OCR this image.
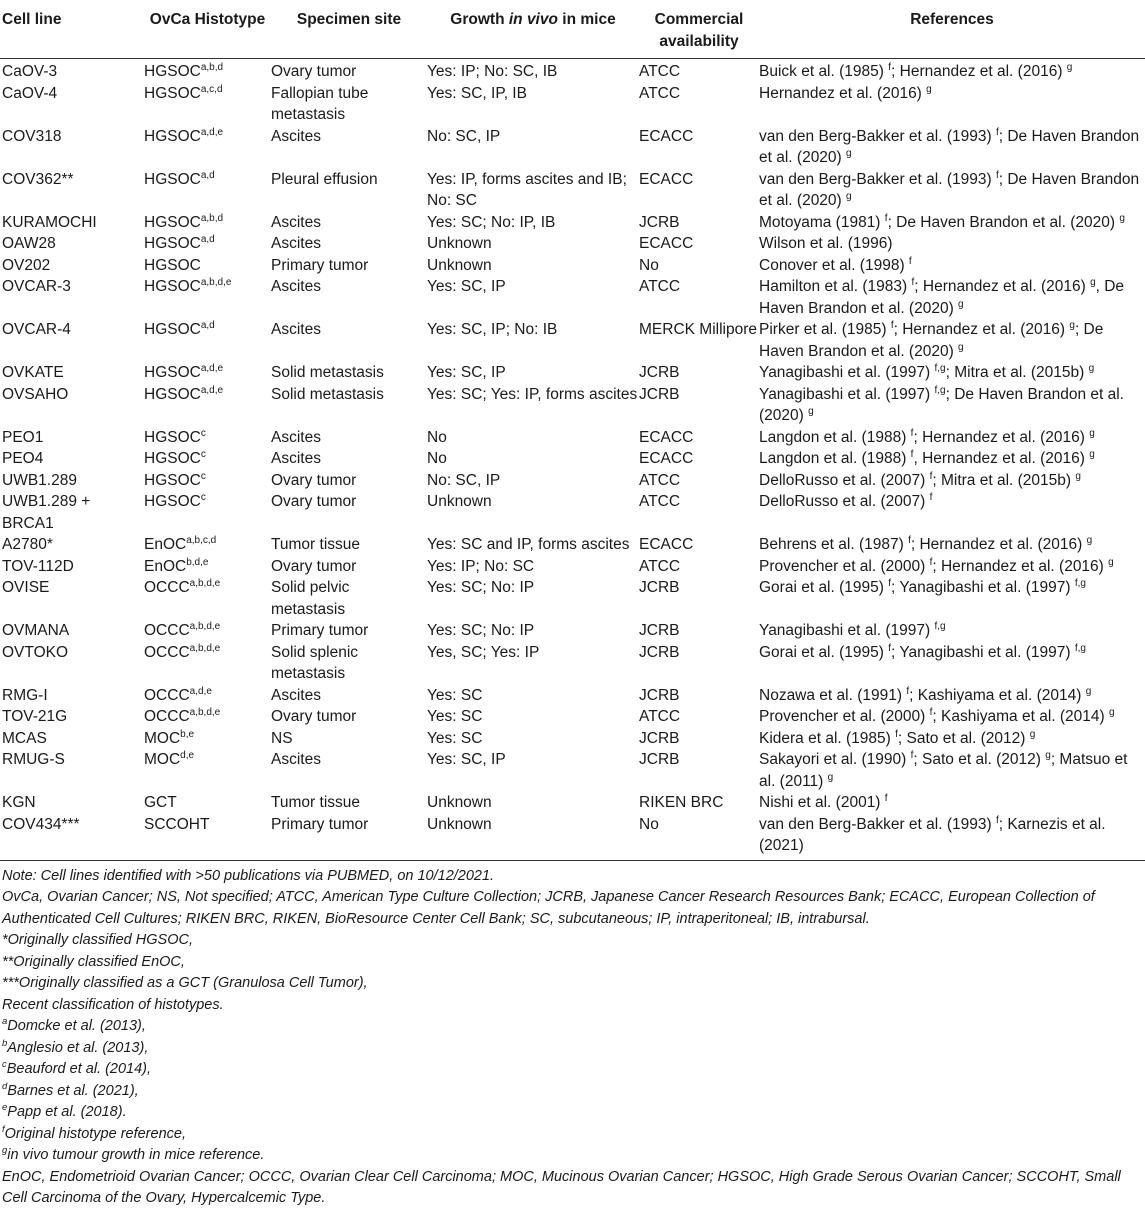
Cell line	OvCa Histotype	Specimen site	Growth in vivo in mice	Commercial availability	References
CaOV-3	HGSOC$^{a,b,d}$	Ovary tumor	Yes: IP; No: SC, IB	ATCC	Buick et al. (1985) $^f$; Hernandez et al. (2016) $^g$
CaOV-4	HGSOC$^{a,c,d}$	Fallopian tube metastasis	Yes: SC, IP, IB	ATCC	Hernandez et al. (2016) $^g$
COV318	HGSOC$^{a,d,e}$	Ascites	No: SC, IP	ECACC	van den Berg-Bakker et al. (1993) $^f$; De Haven Brandon et al. (2020) $^g$
COV362**	HGSOC$^{a,d}$	Pleural effusion	Yes: IP, forms ascites and IB; No: SC	ECACC	van den Berg-Bakker et al. (1993) $^f$; De Haven Brandon et al. (2020) $^g$
KURAMOCHI	HGSOC$^{a,b,d}$	Ascites	Yes: SC; No: IP, IB	JCRB	Motoyama (1981) $^f$; De Haven Brandon et al. (2020) $^g$
OAW28	HGSOC$^{a,d}$	Ascites	Unknown	ECACC	Wilson et al. (1996)
OV202	HGSOC	Primary tumor	Unknown	No	Conover et al. (1998) $^f$
OVCAR-3	HGSOC$^{a,b,d,e}$	Ascites	Yes: SC, IP	ATCC	Hamilton et al. (1983) $^f$; Hernandez et al. (2016) $^g$, De Haven Brandon et al. (2020) $^g$
OVCAR-4	HGSOC$^{a,d}$	Ascites	Yes: SC, IP; No: IB	MERCK Millipore	Pirker et al. (1985) $^f$; Hernandez et al. (2016) $^g$; De Haven Brandon et al. (2020) $^g$
OVKATE	HGSOC$^{a,d,e}$	Solid metastasis	Yes: SC, IP	JCRB	Yanagibashi et al. (1997) $^{f,g}$; Mitra et al. (2015b) $^g$
OVSAHO	HGSOC$^{a,d,e}$	Solid metastasis	Yes: SC; Yes: IP, forms ascites	JCRB	Yanagibashi et al. (1997) $^{f,g}$; De Haven Brandon et al. (2020) $^g$
PEO1	HGSOC$^c$	Ascites	No	ECACC	Langdon et al. (1988) $^f$; Hernandez et al. (2016) $^g$
PEO4	HGSOC$^c$	Ascites	No	ECACC	Langdon et al. (1988) $^f$, Hernandez et al. (2016) $^g$
UWB1.289	HGSOC$^c$	Ovary tumor	No: SC, IP	ATCC	DelloRusso et al. (2007) $^f$; Mitra et al. (2015b) $^g$
UWB1.289 + BRCA1	HGSOC$^c$	Ovary tumor	Unknown	ATCC	DelloRusso et al. (2007) $^f$
A2780*	EnOC$^{a,b,c,d}$	Tumor tissue	Yes: SC and IP, forms ascites	ECACC	Behrens et al. (1987) $^f$; Hernandez et al. (2016) $^g$
TOV-112D	EnOC$^{b,d,e}$	Ovary tumor	Yes: IP; No: SC	ATCC	Provencher et al. (2000) $^f$; Hernandez et al. (2016) $^g$
OVISE	OCCC$^{a,b,d,e}$	Solid pelvic metastasis	Yes: SC; No: IP	JCRB	Gorai et al. (1995) $^f$; Yanagibashi et al. (1997) $^{f,g}$
OVMANA	OCCC$^{a,b,d,e}$	Primary tumor	Yes: SC; No: IP	JCRB	Yanagibashi et al. (1997) $^{f,g}$
OVTOKO	OCCC$^{a,b,d,e}$	Solid splenic metastasis	Yes, SC; Yes: IP	JCRB	Gorai et al. (1995) $^f$; Yanagibashi et al. (1997) $^{f,g}$
RMG-I	OCCC$^{a,d,e}$	Ascites	Yes: SC	JCRB	Nozawa et al. (1991) $^f$; Kashiyama et al. (2014) $^g$
TOV-21G	OCCC$^{a,b,d,e}$	Ovary tumor	Yes: SC	ATCC	Provencher et al. (2000) $^f$; Kashiyama et al. (2014) $^g$
MCAS	MOC$^{b,e}$	NS	Yes: SC	JCRB	Kidera et al. (1985) $^f$; Sato et al. (2012) $^g$
RMUG-S	MOC$^{d,e}$	Ascites	Yes: SC, IP	JCRB	Sakayori et al. (1990) $^f$; Sato et al. (2012) $^g$; Matsuo et al. (2011) $^g$
KGN	GCT	Tumor tissue	Unknown	RIKEN BRC	Nishi et al. (2001) $^f$
COV434***	SCCOHT	Primary tumor	Unknown	No	van den Berg-Bakker et al. (1993) $^f$; Karnezis et al. (2021)
Note: Cell lines identified with >50 publications via PUBMED, on 10/12/2021.
OvCa, Ovarian Cancer; NS, Not specified; ATCC, American Type Culture Collection; JCRB, Japanese Cancer Research Resources Bank; ECACC, European Collection of Authenticated Cell Cultures; RIKEN BRC, RIKEN, BioResource Center Cell Bank; SC, subcutaneous; IP, intraperitoneal; IB, intrabursal.
*Originally classified HGSOC,
**Originally classified EnOC,
***Originally classified as a GCT (Granulosa Cell Tumor),
Recent classification of histotypes.
$^a$Domcke et al. (2013),
$^b$Anglesio et al. (2013),
$^c$Beauford et al. (2014),
$^d$Barnes et al. (2021),
$^e$Papp et al. (2018).
$^f$Original histotype reference,
$^g$in vivo tumour growth in mice reference.
EnOC, Endometrioid Ovarian Cancer; OCCC, Ovarian Clear Cell Carcinoma; MOC, Mucinous Ovarian Cancer; HGSOC, High Grade Serous Ovarian Cancer; SCCOHT, Small Cell Carcinoma of the Ovary, Hypercalcemic Type.
